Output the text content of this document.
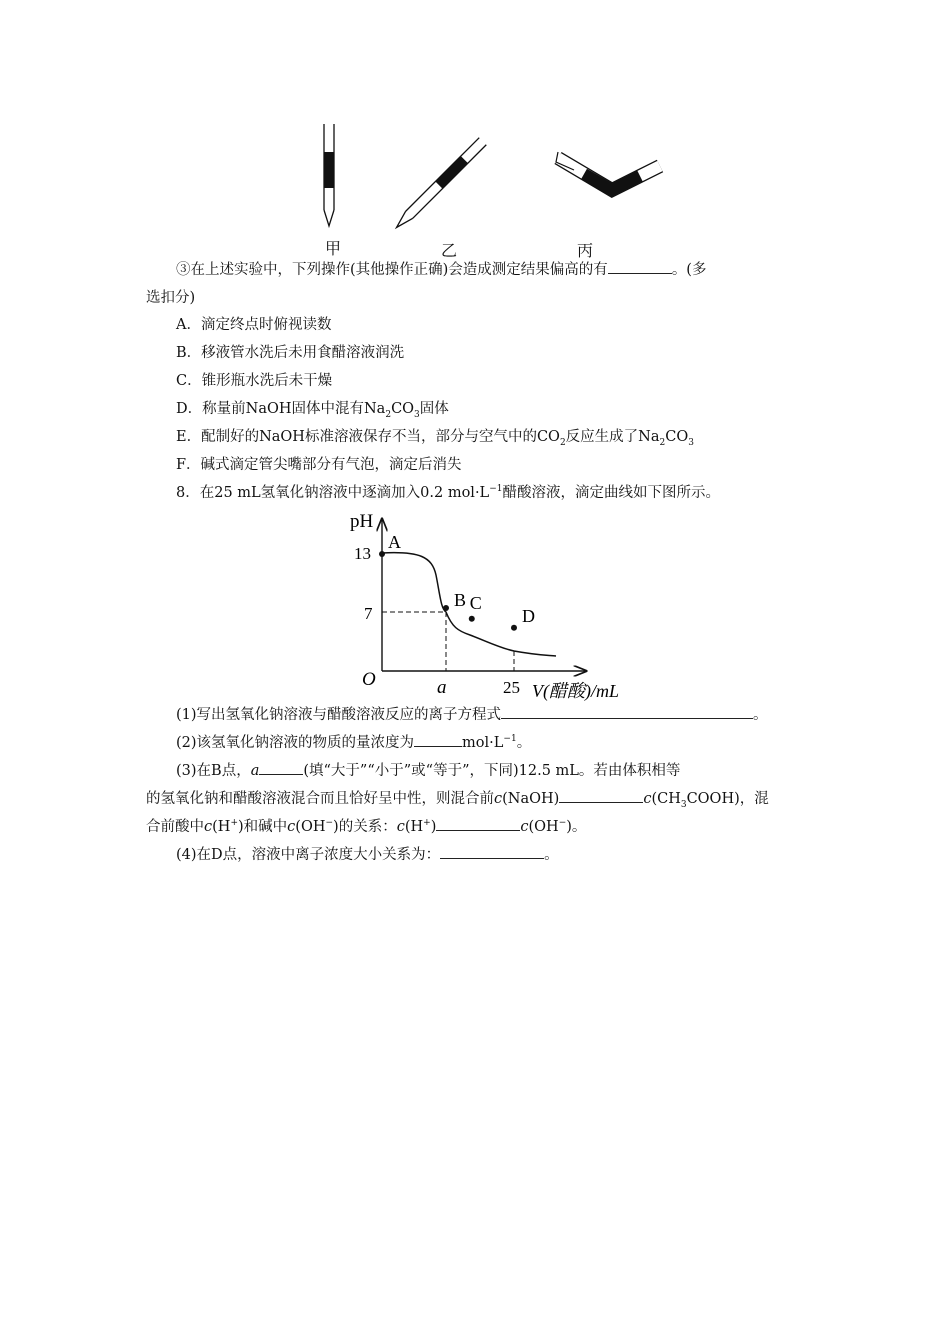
甲	乙	丙
③在上述实验中，下列操作(其他操作正确)会造成测定结果偏高的有	。(多
选扣分)
A．滴定终点时俯视读数
B．移液管水洗后未用食醋溶液润洗
C．锥形瓶水洗后未干燥
D．称量前NaOH固体中混有$Na_2CO_3$固体
E．配制好的NaOH标准溶液保存不当，部分与空气中的$CO_2$反应生成了$Na_2CO_3$
F．碱式滴定管尖嘴部分有气泡，滴定后消失
8．在25 mL氢氧化钠溶液中逐滴加入0.2 $mol\cdot L^{-1}$醋酸溶液，滴定曲线如下图所示。
pH
O
13
7
a	25 V(醋酸)/mL
A
B C
D
(1)写出氢氧化钠溶液与醋酸溶液反应的离子方程式	。
(2)该氢氧化钠溶液的物质的量浓度为	$mol\cdot L^{-1}$。
(3)在B点，a	(填“大于”“小于”或“等于”，下同)12.5 mL。若由体积相等
的氢氧化钠和醋酸溶液混合而且恰好呈中性，则混合前c(NaOH)	$c(CH_3COOH)$，混
合前酸中c(H+)和碱中c(OH−)的关系：c(H+)	c(OH−)。
(4)在D点，溶液中离子浓度大小关系为：	。
